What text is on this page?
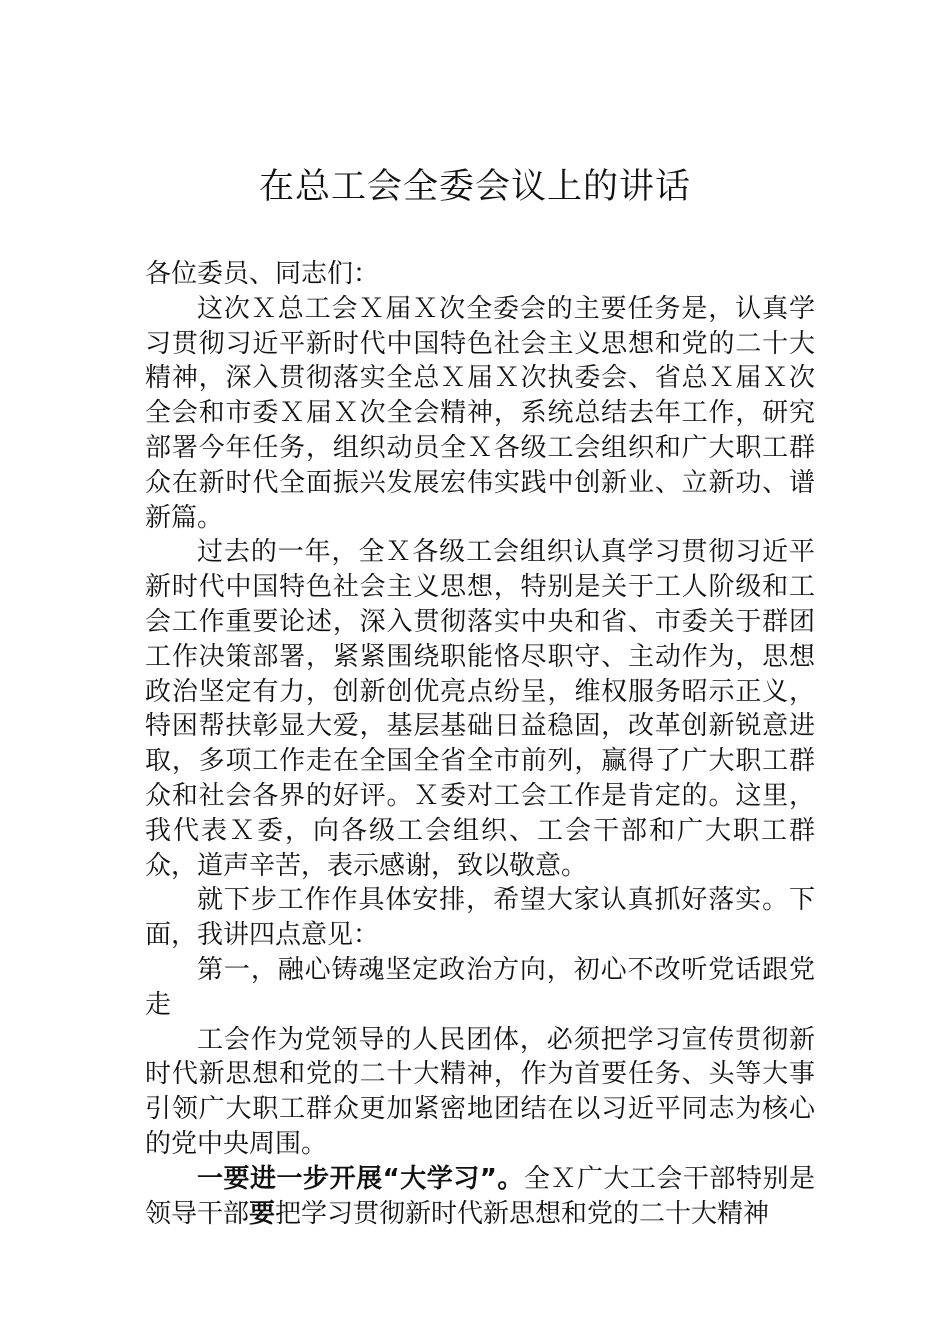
在总工会全委会议上的讲话

各位委员、同志们：

这次Ｘ总工会Ｘ届Ｘ次全委会的主要任务是，认真学习贯彻习近平新时代中国特色社会主义思想和党的二十大精神，深入贯彻落实全总Ｘ届Ｘ次执委会、省总Ｘ届Ｘ次全会和市委Ｘ届Ｘ次全会精神，系统总结去年工作，研究部署今年任务，组织动员全Ｘ各级工会组织和广大职工群众在新时代全面振兴发展宏伟实践中创新业、立新功、谱新篇。

过去的一年，全Ｘ各级工会组织认真学习贯彻习近平新时代中国特色社会主义思想，特别是关于工人阶级和工会工作重要论述，深入贯彻落实中央和省、市委关于群团工作决策部署，紧紧围绕职能恪尽职守、主动作为，思想政治坚定有力，创新创优亮点纷呈，维权服务昭示正义，特困帮扶彰显大爱，基层基础日益稳固，改革创新锐意进取，多项工作走在全国全省全市前列，赢得了广大职工群众和社会各界的好评。Ｘ委对工会工作是肯定的。这里，我代表Ｘ委，向各级工会组织、工会干部和广大职工群众，道声辛苦，表示感谢，致以敬意。

就下步工作作具体安排，希望大家认真抓好落实。下面，我讲四点意见：

第一，融心铸魂坚定政治方向，初心不改听党话跟党走

工会作为党领导的人民团体，必须把学习宣传贯彻新时代新思想和党的二十大精神，作为首要任务、头等大事引领广大职工群众更加紧密地团结在以习近平同志为核心的党中央周围。

一要进一步开展“大学习”。全Ｘ广大工会干部特别是领导干部要把学习贯彻新时代新思想和党的二十大精神
